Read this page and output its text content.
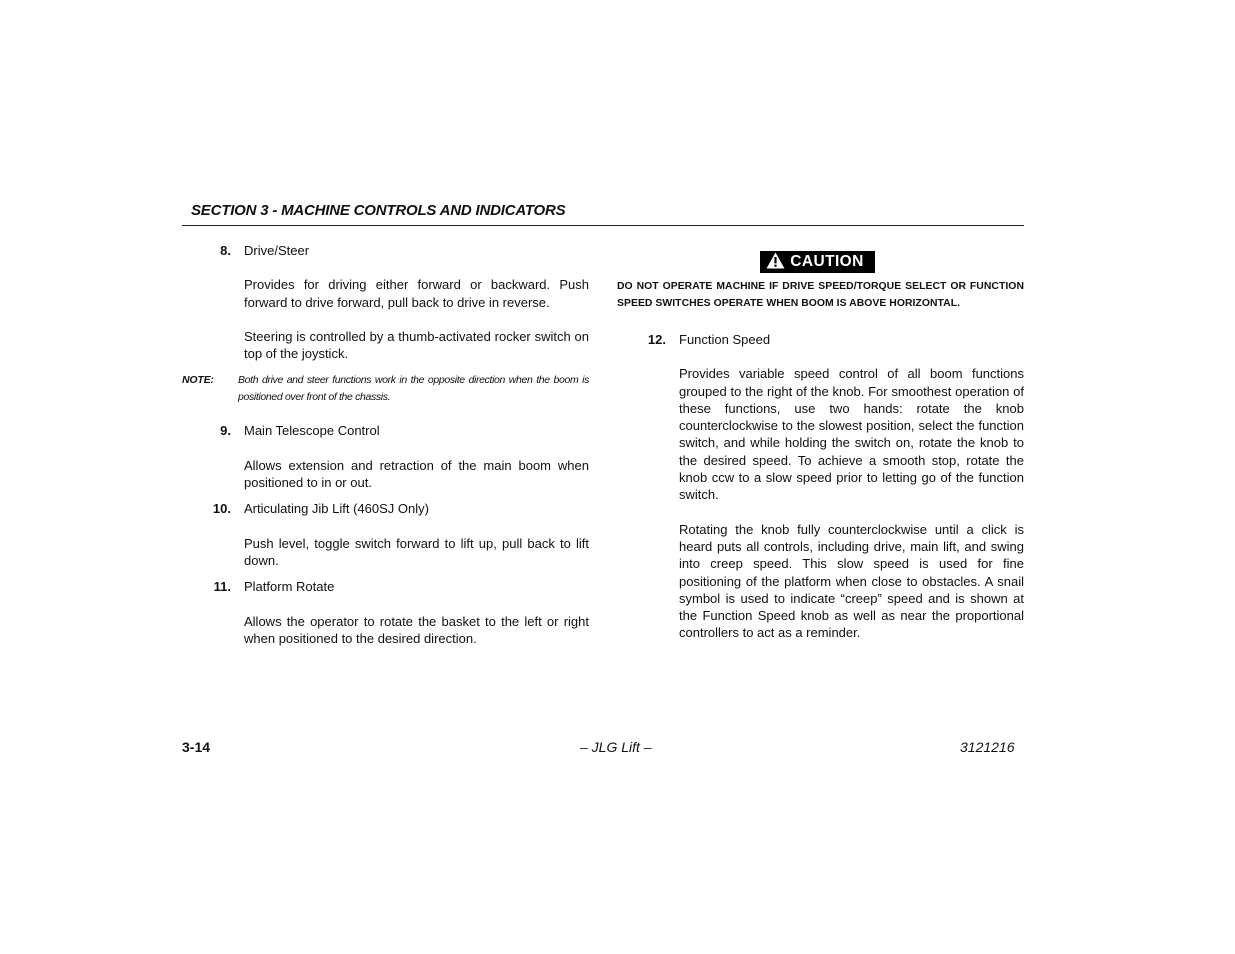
SECTION 3 - MACHINE CONTROLS AND INDICATORS
8. Drive/Steer

Provides for driving either forward or backward. Push forward to drive forward, pull back to drive in reverse.

Steering is controlled by a thumb-activated rocker switch on top of the joystick.

NOTE: Both drive and steer functions work in the opposite direction when the boom is positioned over front of the chassis.
9. Main Telescope Control

Allows extension and retraction of the main boom when positioned to in or out.

10. Articulating Jib Lift (460SJ Only)

Push level, toggle switch forward to lift up, pull back to lift down.

11. Platform Rotate

Allows the operator to rotate the basket to the left or right when positioned to the desired direction.

CAUTION

DO NOT OPERATE MACHINE IF DRIVE SPEED/TORQUE SELECT OR FUNCTION SPEED SWITCHES OPERATE WHEN BOOM IS ABOVE HORIZONTAL.

12. Function Speed

Provides variable speed control of all boom functions grouped to the right of the knob. For smoothest operation of these functions, use two hands: rotate the knob counterclockwise to the slowest position, select the function switch, and while holding the switch on, rotate the knob to the desired speed. To achieve a smooth stop, rotate the knob ccw to a slow speed prior to letting go of the function switch.

Rotating the knob fully counterclockwise until a click is heard puts all controls, including drive, main lift, and swing into creep speed. This slow speed is used for fine positioning of the platform when close to obstacles. A snail symbol is used to indicate “creep” speed and is shown at the Function Speed knob as well as near the proportional controllers to act as a reminder.

3-14	– JLG Lift –	3121216
